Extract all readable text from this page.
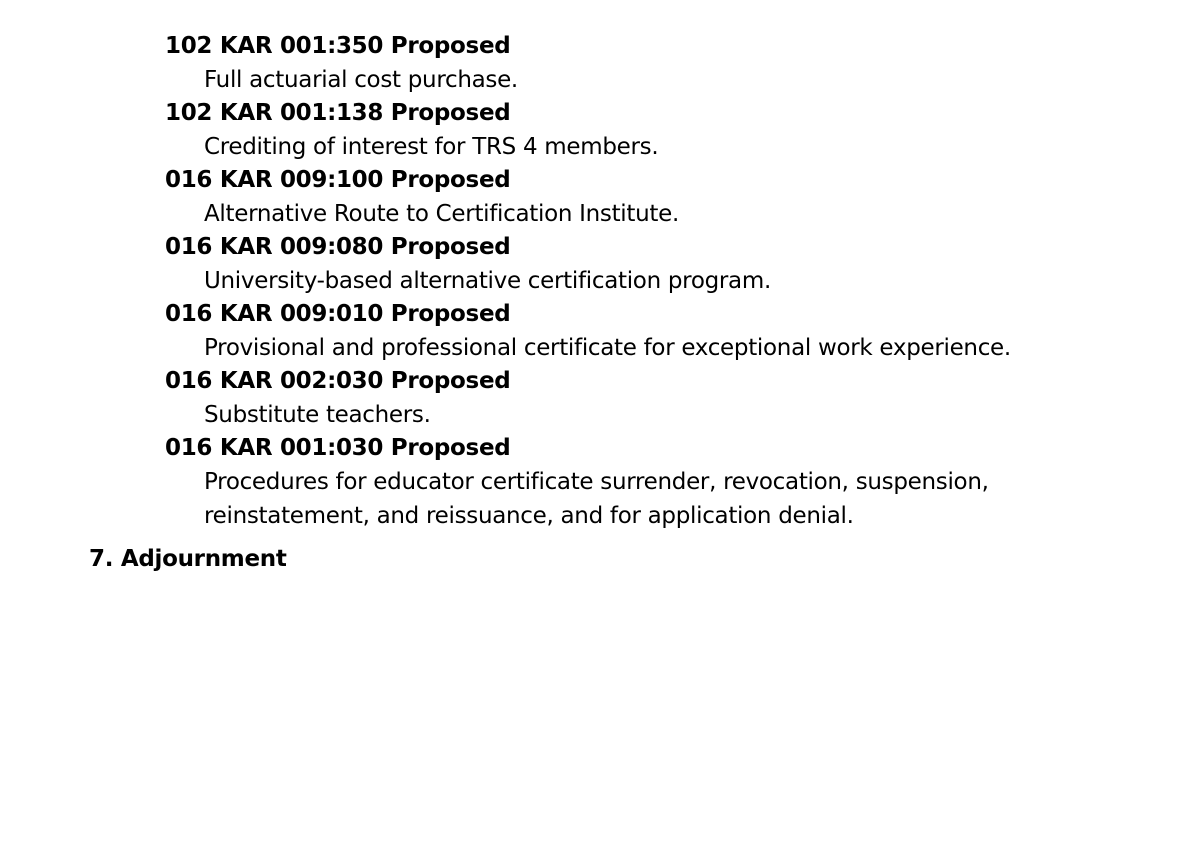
102 KAR 001:350 Proposed
Full actuarial cost purchase.
102 KAR 001:138 Proposed
Crediting of interest for TRS 4 members.
016 KAR 009:100 Proposed
Alternative Route to Certification Institute.
016 KAR 009:080 Proposed
University-based alternative certification program.
016 KAR 009:010 Proposed
Provisional and professional certificate for exceptional work experience.
016 KAR 002:030 Proposed
Substitute teachers.
016 KAR 001:030 Proposed
Procedures for educator certificate surrender, revocation, suspension, reinstatement, and reissuance, and for application denial.
7. Adjournment
